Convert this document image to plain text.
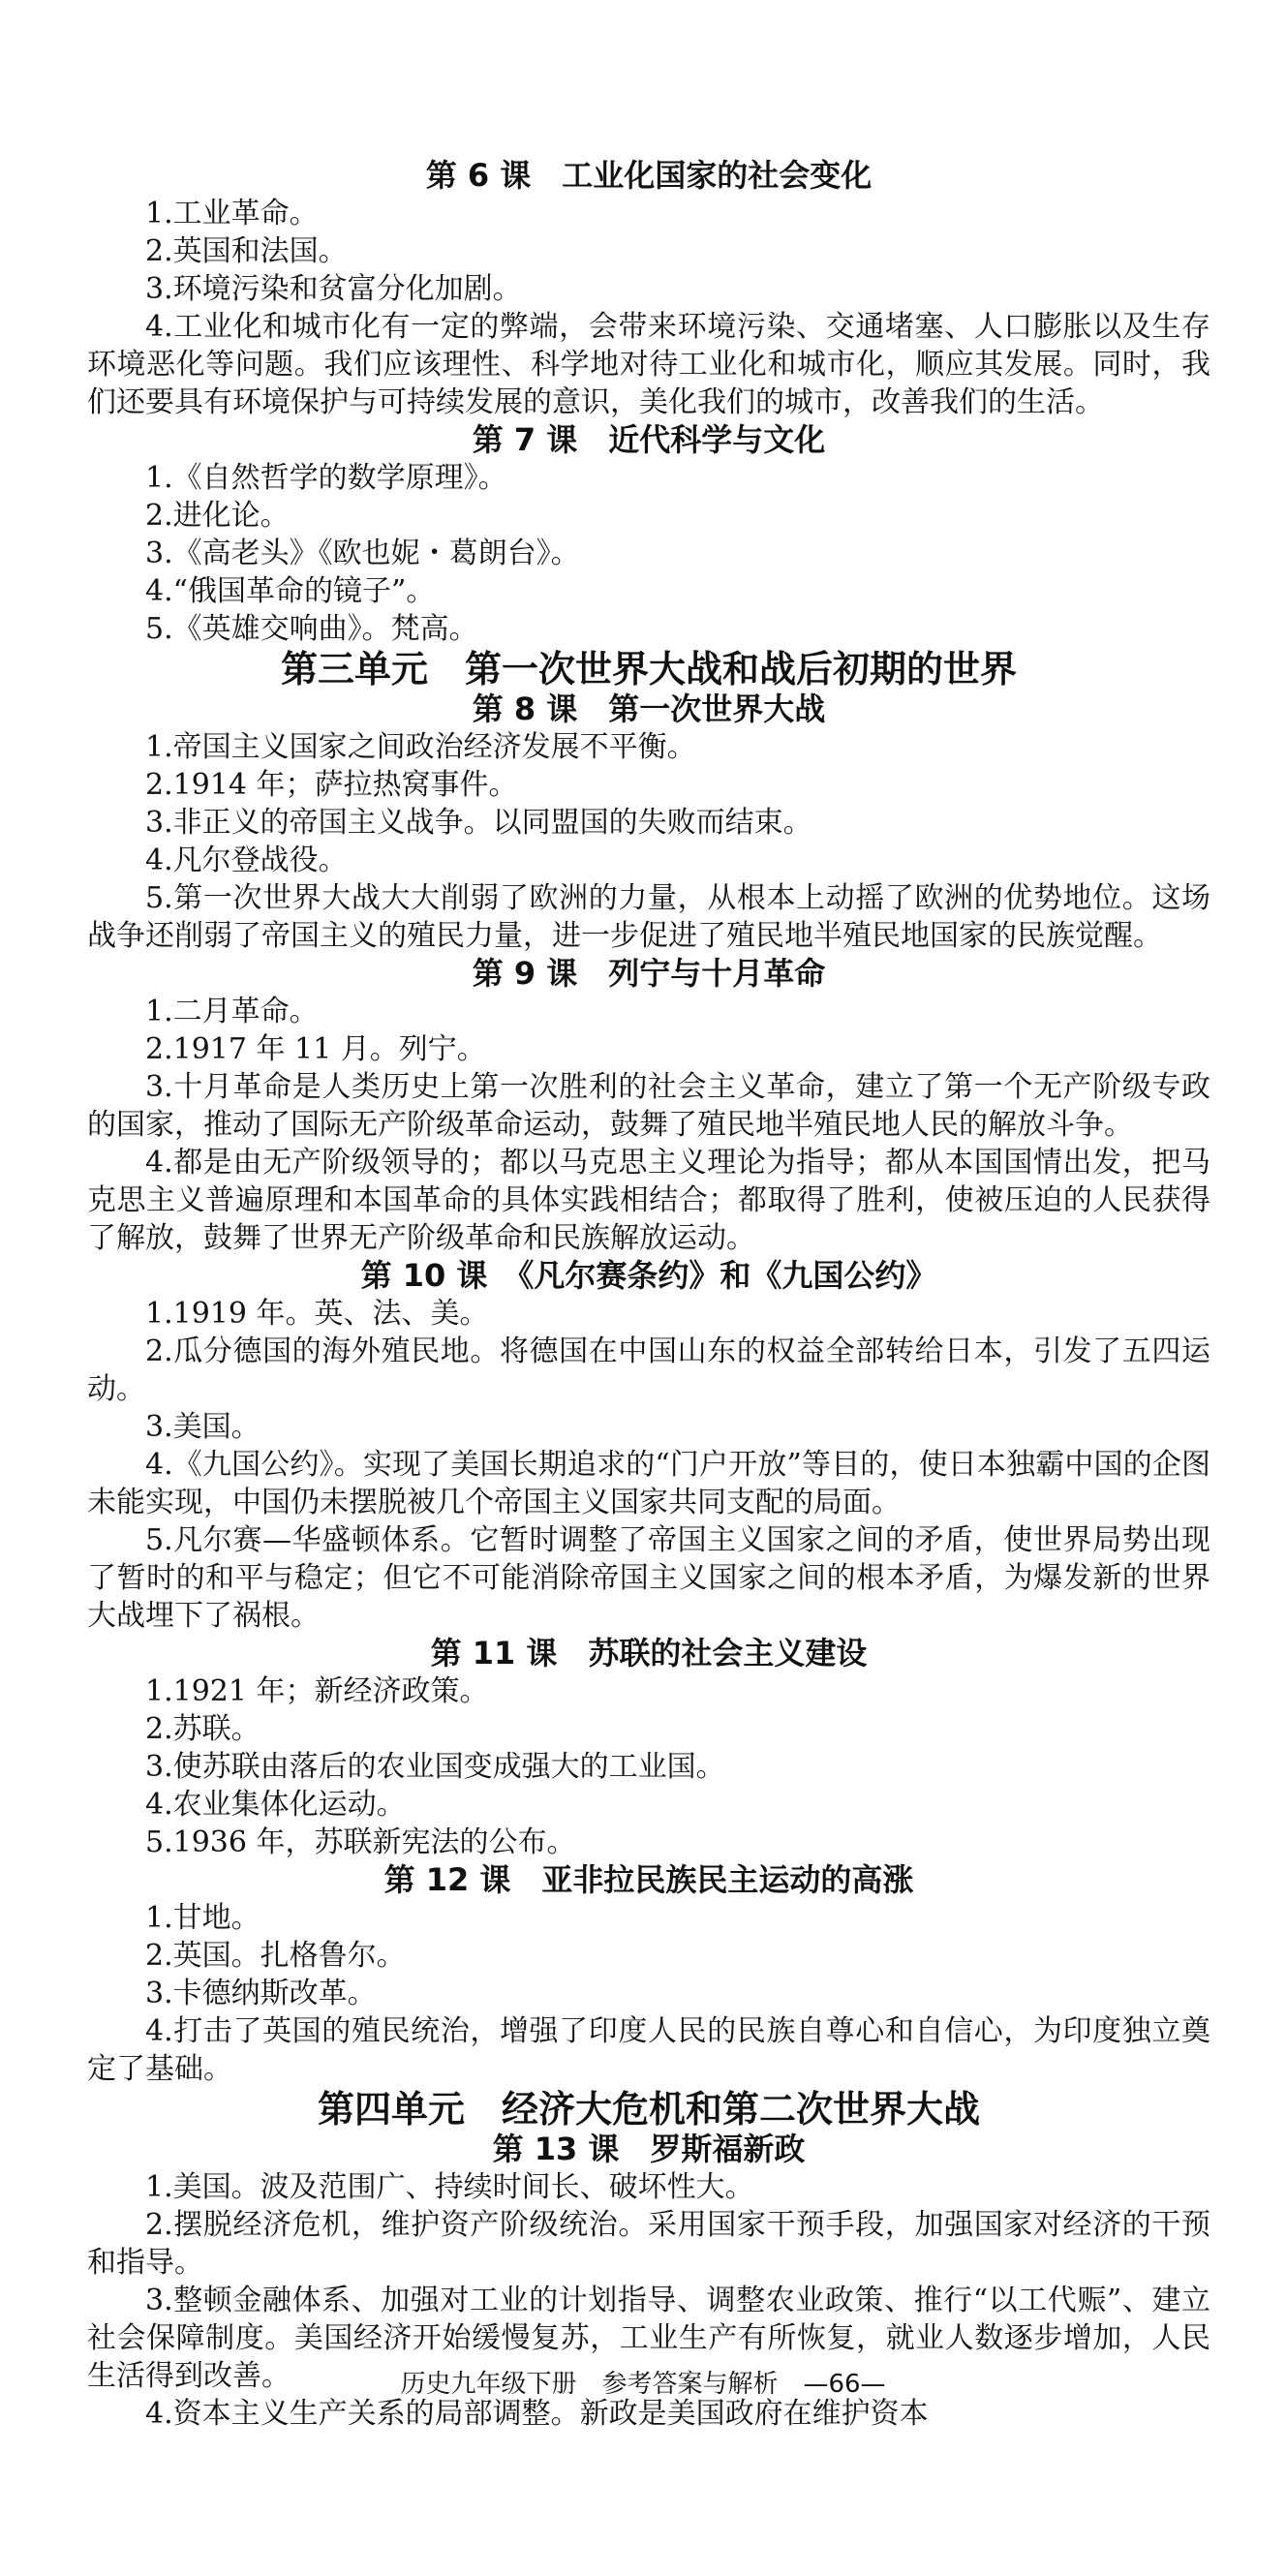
第 6 课　工业化国家的社会变化

1.工业革命。

2.英国和法国。

3.环境污染和贫富分化加剧。

4.工业化和城市化有一定的弊端，会带来环境污染、交通堵塞、人口膨胀以及生存环境恶化等问题。我们应该理性、科学地对待工业化和城市化，顺应其发展。同时，我们还要具有环境保护与可持续发展的意识，美化我们的城市，改善我们的生活。

第 7 课　近代科学与文化

1.《自然哲学的数学原理》。

2.进化论。

3.《高老头》《欧也妮・葛朗台》。

4.“俄国革命的镜子”。

5.《英雄交响曲》。梵高。

第三单元　第一次世界大战和战后初期的世界
第 8 课　第一次世界大战

1.帝国主义国家之间政治经济发展不平衡。

2.1914 年；萨拉热窝事件。

3.非正义的帝国主义战争。以同盟国的失败而结束。

4.凡尔登战役。

5.第一次世界大战大大削弱了欧洲的力量，从根本上动摇了欧洲的优势地位。这场战争还削弱了帝国主义的殖民力量，进一步促进了殖民地半殖民地国家的民族觉醒。

第 9 课　列宁与十月革命

1.二月革命。

2.1917 年 11 月。列宁。

3.十月革命是人类历史上第一次胜利的社会主义革命，建立了第一个无产阶级专政的国家，推动了国际无产阶级革命运动，鼓舞了殖民地半殖民地人民的解放斗争。

4.都是由无产阶级领导的；都以马克思主义理论为指导；都从本国国情出发，把马克思主义普遍原理和本国革命的具体实践相结合；都取得了胜利，使被压迫的人民获得了解放，鼓舞了世界无产阶级革命和民族解放运动。

第 10 课　《凡尔赛条约》和《九国公约》

1.1919 年。英、法、美。

2.瓜分德国的海外殖民地。将德国在中国山东的权益全部转给日本，引发了五四运动。

3.美国。

4.《九国公约》。实现了美国长期追求的“门户开放”等目的，使日本独霸中国的企图未能实现，中国仍未摆脱被几个帝国主义国家共同支配的局面。

5.凡尔赛—华盛顿体系。它暂时调整了帝国主义国家之间的矛盾，使世界局势出现了暂时的和平与稳定；但它不可能消除帝国主义国家之间的根本矛盾，为爆发新的世界大战埋下了祸根。

第 11 课　苏联的社会主义建设

1.1921 年；新经济政策。

2.苏联。

3.使苏联由落后的农业国变成强大的工业国。

4.农业集体化运动。

5.1936 年，苏联新宪法的公布。

第 12 课　亚非拉民族民主运动的高涨

1.甘地。

2.英国。扎格鲁尔。

3.卡德纳斯改革。

4.打击了英国的殖民统治，增强了印度人民的民族自尊心和自信心，为印度独立奠定了基础。

第四单元　经济大危机和第二次世界大战
第 13 课　罗斯福新政

1.美国。波及范围广、持续时间长、破坏性大。

2.摆脱经济危机，维护资产阶级统治。采用国家干预手段，加强国家对经济的干预和指导。

3.整顿金融体系、加强对工业的计划指导、调整农业政策、推行“以工代赈”、建立社会保障制度。美国经济开始缓慢复苏，工业生产有所恢复，就业人数逐步增加，人民生活得到改善。

4.资本主义生产关系的局部调整。新政是美国政府在维护资本

历史九年级下册　参考答案与解析　—66—
